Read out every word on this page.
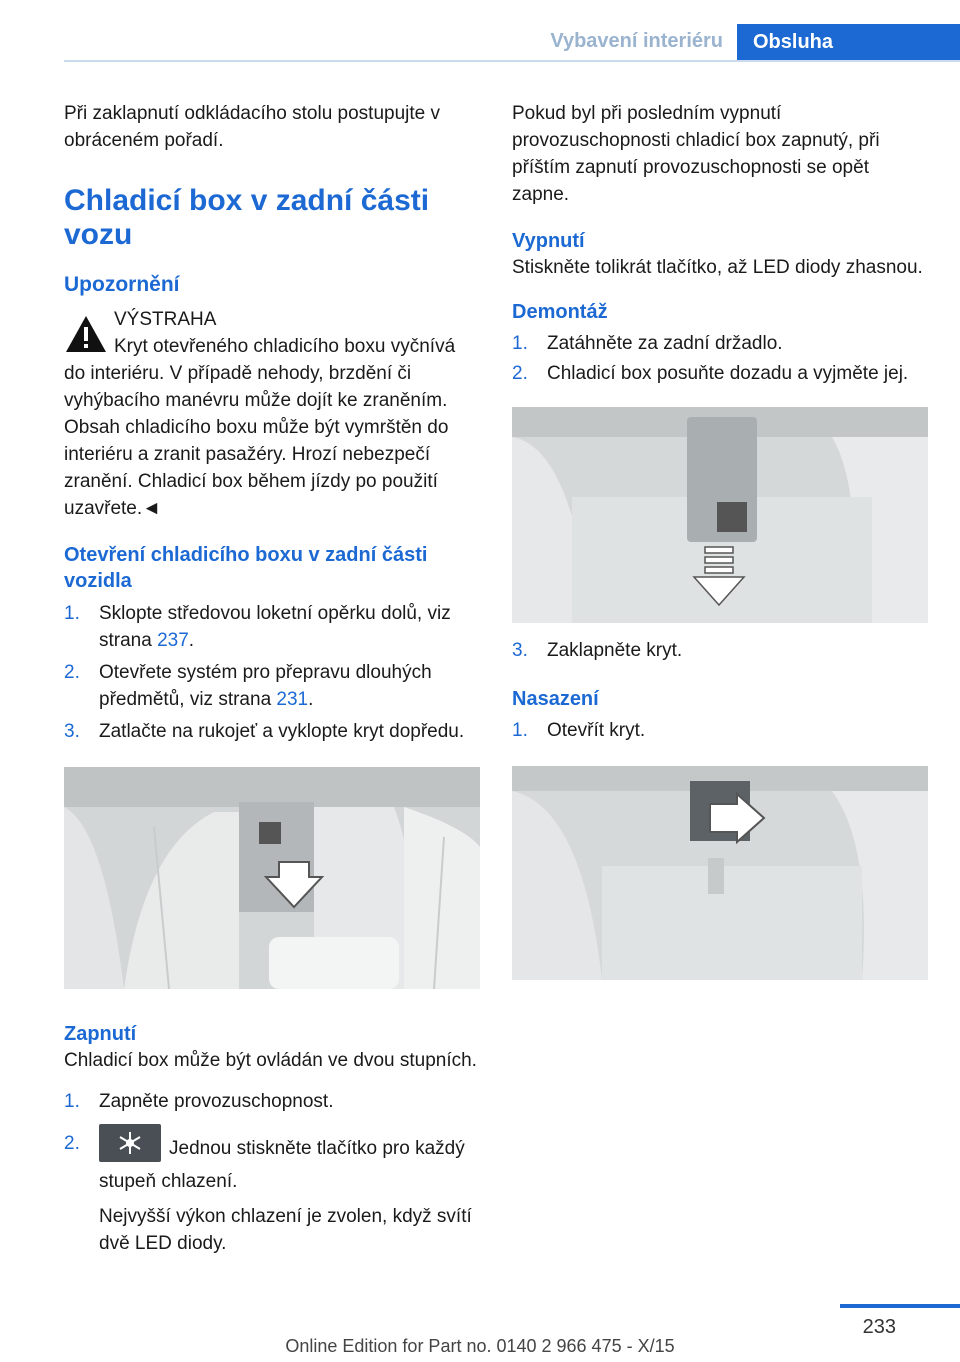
Vybavení interiéru	Obsluha

Při zaklapnutí odkládacího stolu postupujte v obráceném pořadí.

Chladicí box v zadní části vozu
Upozornění

VÝSTRAHA

Kryt otevřeného chladicího boxu vyčnívá do interiéru. V případě nehody, brzdění či vyhýbacího manévru může dojít ke zraněním. Obsah chladicího boxu může být vymrštěn do interiéru a zranit pasažéry. Hrozí nebezpečí zranění. Chladicí box během jízdy po použití uzavřete.◄

Otevření chladicího boxu v zadní části vozidla
1. Sklopte středovou loketní opěrku dolů, viz strana 237.
2. Otevřete systém pro přepravu dlouhých předmětů, viz strana 231.
3. Zatlačte na rukojeť a vyklopte kryt dopředu.
Zapnutí

Chladicí box může být ovládán ve dvou stupních.

1. Zapněte provozuschopnost.
2.	Jednou stiskněte tlačítko pro každý stupeň chlazení.

Nejvyšší výkon chlazení je zvolen, když svítí dvě LED diody.

Pokud byl při posledním vypnutí provozuschopnosti chladicí box zapnutý, při příštím zapnutí provozuschopnosti se opět zapne.

Vypnutí

Stiskněte tolikrát tlačítko, až LED diody zhasnou.

Demontáž
1. Zatáhněte za zadní držadlo.
2. Chladicí box posuňte dozadu a vyjměte jej.
3. Zaklapněte kryt.
Nasazení
1. Otevřít kryt.
233
Online Edition for Part no. 0140 2 966 475 - X/15
